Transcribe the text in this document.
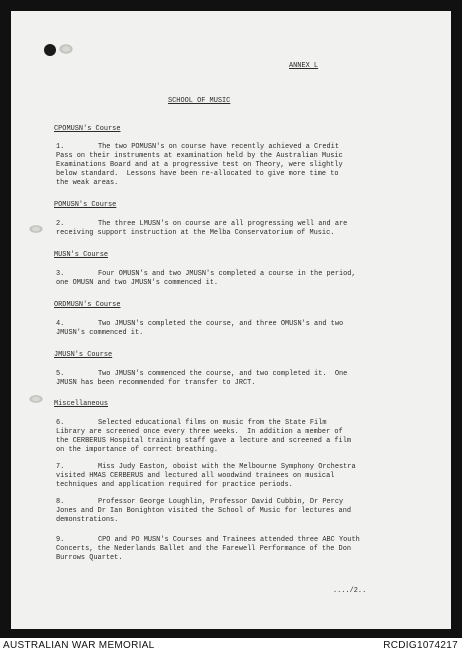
ANNEX L
SCHOOL OF MUSIC
CPOMUSN's Course
1.	The two POMUSN's on course have recently achieved a Credit
Pass on their instruments at examination held by the Australian Music
Examinations Board and at a progressive test on Theory, were slightly
below standard.  Lessons have been re-allocated to give more time to
the weak areas.
POMUSN's Course
2.	The three LMUSN's on course are all progressing well and are
receiving support instruction at the Melba Conservatorium of Music.
MUSN's Course
3.	Four OMUSN's and two JMUSN's completed a course in the period,
one OMUSN and two JMUSN's commenced it.
ORDMUSN's Course
4.	Two JMUSN's completed the course, and three OMUSN's and two
JMUSN's commenced it.
JMUSN's Course
5.	Two JMUSN's commenced the course, and two completed it.  One
JMUSN has been recommended for transfer to JRCT.
Miscellaneous
6.	Selected educational films on music from the State Film
Library are screened once every three weeks.  In addition a member of
the CERBERUS Hospital training staff gave a lecture and screened a film
on the importance of correct breathing.
7.	Miss Judy Easton, oboist with the Melbourne Symphony Orchestra
visited HMAS CERBERUS and lectured all woodwind trainees on musical
techniques and application required for practice periods.
8.	Professor George Loughlin, Professor David Cubbin, Dr Percy
Jones and Dr Ian Bonighton visited the School of Music for lectures and
demonstrations.
9.	CPO and PO MUSN's Courses and Trainees attended three ABC Youth
Concerts, the Nederlands Ballet and the Farewell Performance of the Don
Burrows Quartet.
..../2..
AUSTRALIAN WAR MEMORIAL	RCDIG1074217
